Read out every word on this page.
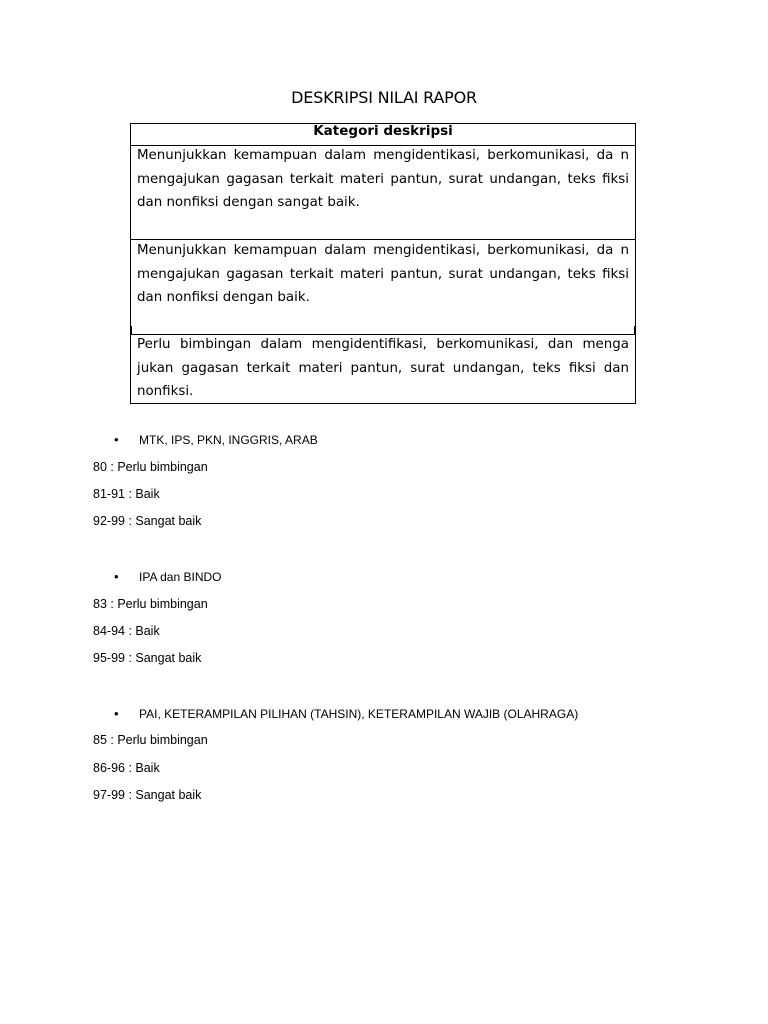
DESKRIPSI NILAI RAPOR
Kategori deskripsi
Menunjukkan kemampuan dalam mengidentikasi, berkomunikasi, da n mengajukan gagasan terkait materi pantun, surat undangan, teks fiksi dan nonfiksi dengan sangat baik.
Menunjukkan kemampuan dalam mengidentikasi, berkomunikasi, da n mengajukan gagasan terkait materi pantun, surat undangan, teks fiksi dan nonfiksi dengan baik.
Perlu bimbingan dalam mengidentifikasi, berkomunikasi, dan menga jukan gagasan terkait materi pantun, surat undangan, teks fiksi dan nonfiksi.
• MTK, IPS, PKN, INGGRIS, ARAB
80 : Perlu bimbingan
81-91 : Baik
92-99 : Sangat baik
• IPA dan BINDO
83 : Perlu bimbingan
84-94 : Baik
95-99 : Sangat baik
• PAI, KETERAMPILAN PILIHAN (TAHSIN), KETERAMPILAN WAJIB (OLAHRAGA)
85 : Perlu bimbingan
86-96 : Baik
97-99 : Sangat baik
